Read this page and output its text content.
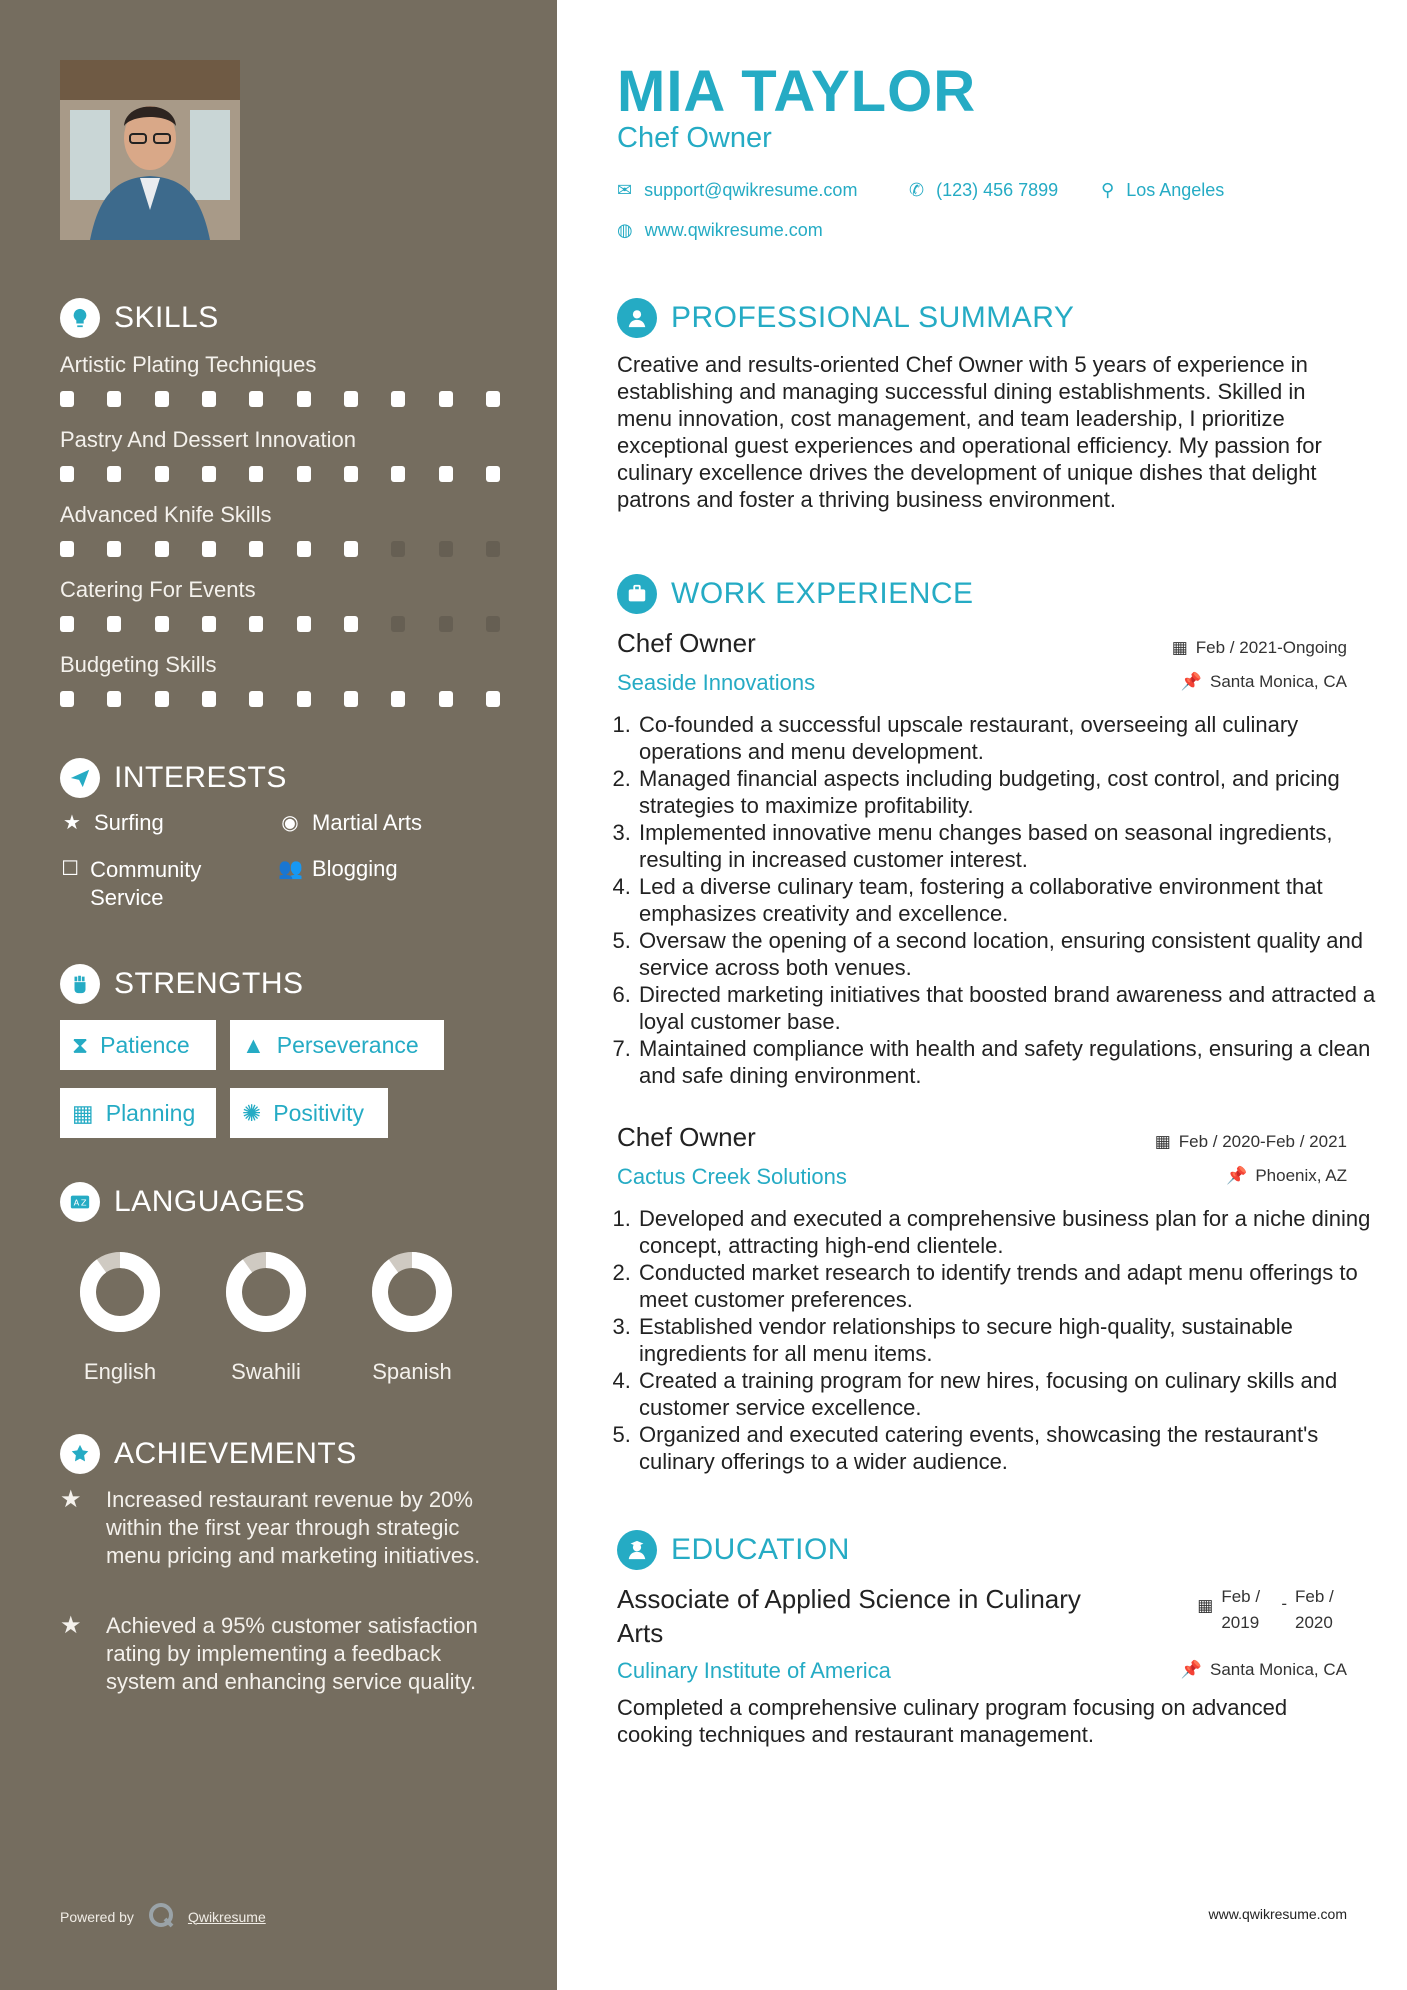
SKILLS
Artistic Plating Techniques
Pastry And Dessert Innovation
Advanced Knife Skills
Catering For Events
Budgeting Skills
INTERESTS
★ Surfing	◉ Martial Arts
☐ Community Service
👥 Blogging
STRENGTHS
⧗ Patience ▲ Perseverance
▦ Planning ✺ Positivity
A Z LANGUAGES
English	Swahili	Spanish
ACHIEVEMENTS
★	Increased restaurant revenue by 20% within the first year through strategic menu pricing and marketing initiatives.
★	Achieved a 95% customer satisfaction rating by implementing a feedback system and enhancing service quality.
Powered by	Qwikresume
MIA TAYLOR
Chef Owner
✉ support@qwikresume.com	✆ (123) 456 7899 ⚲ Los Angeles
◍ www.qwikresume.com
PROFESSIONAL SUMMARY
Creative and results-oriented Chef Owner with 5 years of experience in establishing and managing successful dining establishments. Skilled in menu innovation, cost management, and team leadership, I prioritize exceptional guest experiences and operational efficiency. My passion for culinary excellence drives the development of unique dishes that delight patrons and foster a thriving business environment.
WORK EXPERIENCE
Chef Owner	▦ Feb / 2021-Ongoing
Seaside Innovations	📌 Santa Monica, CA
1. Co-founded a successful upscale restaurant, overseeing all culinary operations and menu development.
2. Managed financial aspects including budgeting, cost control, and pricing strategies to maximize profitability.
3. Implemented innovative menu changes based on seasonal ingredients, resulting in increased customer interest.
4. Led a diverse culinary team, fostering a collaborative environment that emphasizes creativity and excellence.
5. Oversaw the opening of a second location, ensuring consistent quality and service across both venues.
6. Directed marketing initiatives that boosted brand awareness and attracted a loyal customer base.
7. Maintained compliance with health and safety regulations, ensuring a clean and safe dining environment.
Chef Owner	▦ Feb / 2020-Feb / 2021
Cactus Creek Solutions	📌 Phoenix, AZ
1. Developed and executed a comprehensive business plan for a niche dining concept, attracting high-end clientele.
2. Conducted market research to identify trends and adapt menu offerings to meet customer preferences.
3. Established vendor relationships to secure high-quality, sustainable ingredients for all menu items.
4. Created a training program for new hires, focusing on culinary skills and customer service excellence.
5. Organized and executed catering events, showcasing the restaurant's culinary offerings to a wider audience.
EDUCATION
Associate of Applied Science in Culinary Arts
▦ Feb / 2019
- Feb / 2020
Culinary Institute of America	📌 Santa Monica, CA
Completed a comprehensive culinary program focusing on advanced cooking techniques and restaurant management.
www.qwikresume.com
